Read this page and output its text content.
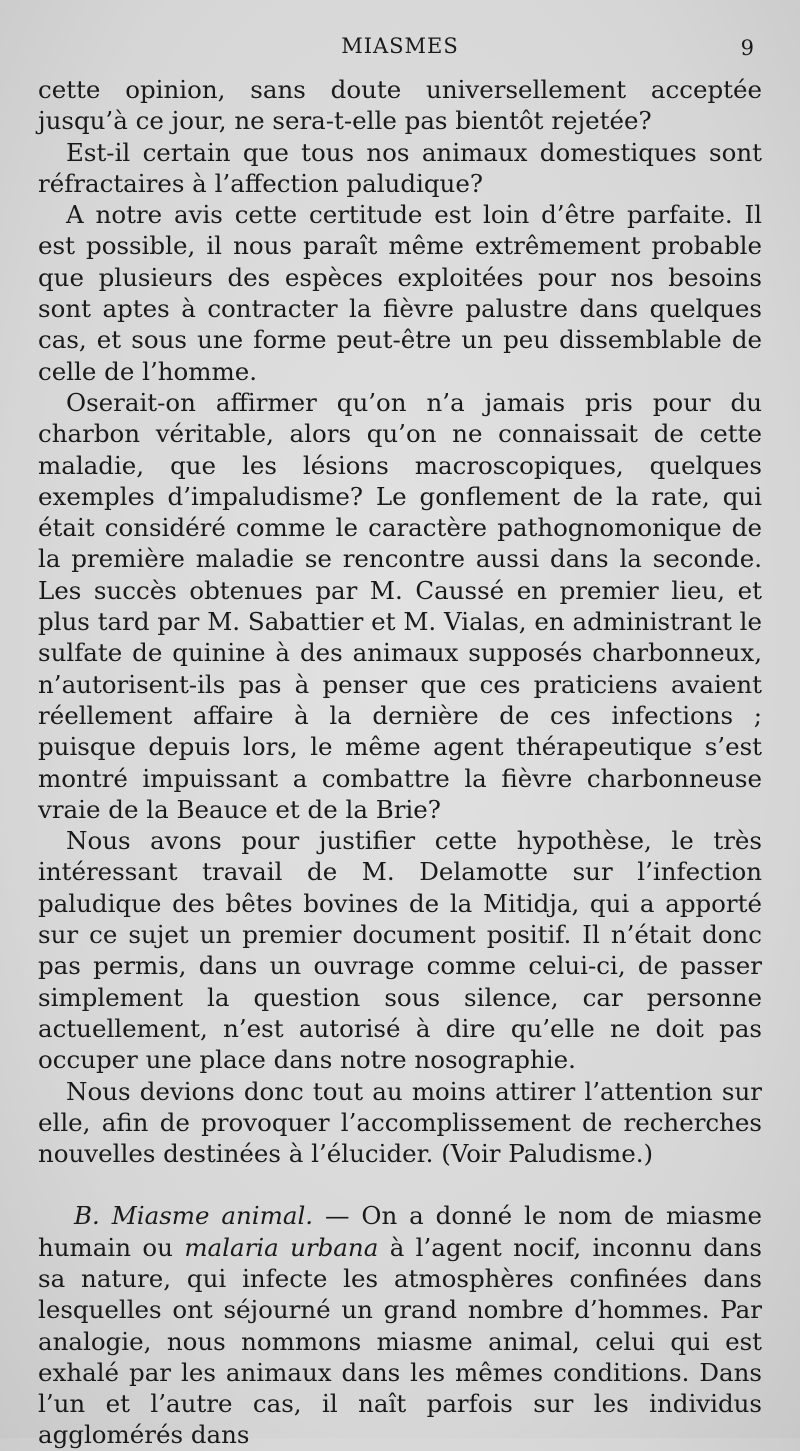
MIASMES	9

cette opinion, sans doute universellement acceptée jusqu’à ce jour, ne sera-t-elle pas bientôt rejetée?

Est-il certain que tous nos animaux domestiques sont réfractaires à l’affection paludique?

A notre avis cette certitude est loin d’être parfaite. Il est possible, il nous paraît même extrêmement probable que plusieurs des espèces exploitées pour nos besoins sont aptes à contracter la fièvre palustre dans quelques cas, et sous une forme peut-être un peu dissemblable de celle de l’homme.

Oserait-on affirmer qu’on n’a jamais pris pour du charbon véritable, alors qu’on ne connaissait de cette maladie, que les lésions macroscopiques, quelques exemples d’impaludisme? Le gonflement de la rate, qui était considéré comme le caractère pathognomonique de la première maladie se rencontre aussi dans la seconde. Les succès obtenues par M. Caussé en premier lieu, et plus tard par M. Sabattier et M. Vialas, en administrant le sulfate de quinine à des animaux supposés charbonneux, n’autorisent-ils pas à penser que ces praticiens avaient réellement affaire à la dernière de ces infections ; puisque depuis lors, le même agent thérapeutique s’est montré impuissant a combattre la fièvre charbonneuse vraie de la Beauce et de la Brie?

Nous avons pour justifier cette hypothèse, le très intéressant travail de M. Delamotte sur l’infection paludique des bêtes bovines de la Mitidja, qui a apporté sur ce sujet un premier document positif. Il n’était donc pas permis, dans un ouvrage comme celui-ci, de passer simplement la question sous silence, car personne actuellement, n’est autorisé à dire qu’elle ne doit pas occuper une place dans notre nosographie.

Nous devions donc tout au moins attirer l’attention sur elle, afin de provoquer l’accomplissement de recherches nouvelles destinées à l’élucider. (Voir Paludisme.)

B. Miasme animal. — On a donné le nom de miasme humain ou malaria urbana à l’agent nocif, inconnu dans sa nature, qui infecte les atmosphères confinées dans lesquelles ont séjourné un grand nombre d’hommes. Par analogie, nous nommons miasme animal, celui qui est exhalé par les animaux dans les mêmes conditions. Dans l’un et l’autre cas, il naît parfois sur les individus agglomérés dans
